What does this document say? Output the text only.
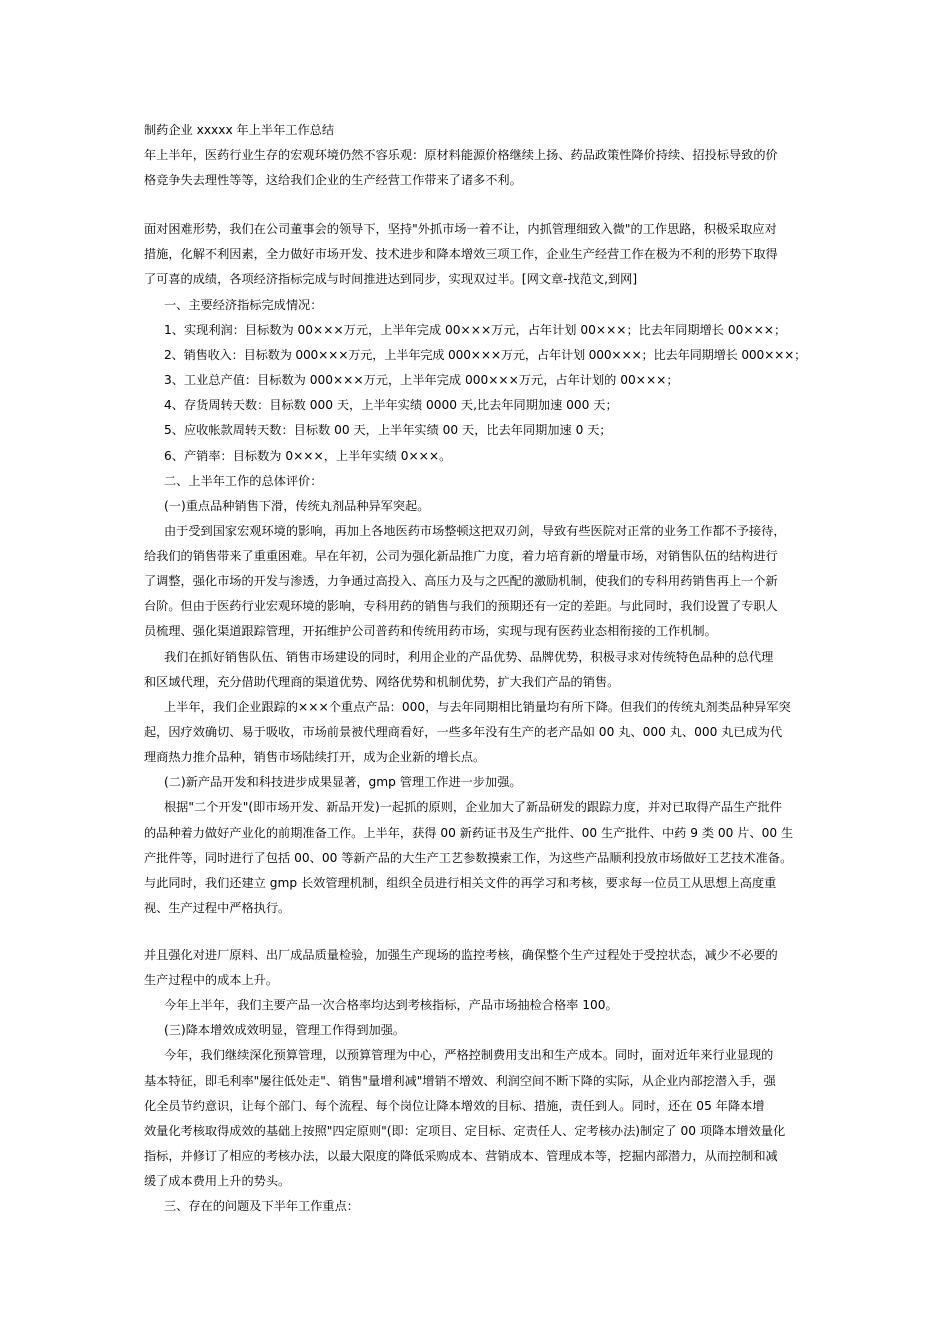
制药企业 xxxxx 年上半年工作总结
年上半年，医药行业生存的宏观环境仍然不容乐观：原材料能源价格继续上扬、药品政策性降价持续、招投标导致的价
格竞争失去理性等等，这给我们企业的生产经营工作带来了诸多不利。
面对困难形势，我们在公司董事会的领导下，坚持"外抓市场一着不让，内抓管理细致入微"的工作思路，积极采取应对
措施，化解不利因素，全力做好市场开发、技术进步和降本增效三项工作，企业生产经营工作在极为不利的形势下取得
了可喜的成绩，各项经济指标完成与时间推进达到同步，实现双过半。[网文章-找范文,到网]
一、主要经济指标完成情况：
1、实现利润：目标数为 00×××万元，上半年完成 00×××万元，占年计划 00×××；比去年同期增长 00×××；
2、销售收入：目标数为 000×××万元，上半年完成 000×××万元，占年计划 000×××；比去年同期增长 000×××；
3、工业总产值：目标数为 000×××万元，上半年完成 000×××万元，占年计划的 00×××；
4、存货周转天数：目标数 000 天，上半年实绩 0000 天,比去年同期加速 000 天；
5、应收帐款周转天数：目标数 00 天，上半年实绩 00 天，比去年同期加速 0 天；
6、产销率：目标数为 0×××，上半年实绩 0×××。
二、上半年工作的总体评价：
(一)重点品种销售下滑，传统丸剂品种异军突起。
由于受到国家宏观环境的影响，再加上各地医药市场整顿这把双刃剑，导致有些医院对正常的业务工作都不予接待，
给我们的销售带来了重重困难。早在年初，公司为强化新品推广力度，着力培育新的增量市场，对销售队伍的结构进行
了调整，强化市场的开发与渗透，力争通过高投入、高压力及与之匹配的激励机制，使我们的专科用药销售再上一个新
台阶。但由于医药行业宏观环境的影响，专科用药的销售与我们的预期还有一定的差距。与此同时，我们设置了专职人
员梳理、强化渠道跟踪管理，开拓维护公司普药和传统用药市场，实现与现有医药业态相衔接的工作机制。
我们在抓好销售队伍、销售市场建设的同时，利用企业的产品优势、品牌优势，积极寻求对传统特色品种的总代理
和区域代理，充分借助代理商的渠道优势、网络优势和机制优势，扩大我们产品的销售。
上半年，我们企业跟踪的×××个重点产品：000，与去年同期相比销量均有所下降。但我们的传统丸剂类品种异军突
起，因疗效确切、易于吸收，市场前景被代理商看好，一些多年没有生产的老产品如 00 丸、000 丸、000 丸已成为代
理商热力推介品种，销售市场陆续打开，成为企业新的增长点。
(二)新产品开发和科技进步成果显著，gmp 管理工作进一步加强。
根据"二个开发"(即市场开发、新品开发)一起抓的原则，企业加大了新品研发的跟踪力度，并对已取得产品生产批件
的品种着力做好产业化的前期准备工作。上半年，获得 00 新药证书及生产批件、00 生产批件、中药 9 类 00 片、00 生
产批件等，同时进行了包括 00、00 等新产品的大生产工艺参数摸索工作，为这些产品顺利投放市场做好工艺技术准备。
与此同时，我们还建立 gmp 长效管理机制，组织全员进行相关文件的再学习和考核，要求每一位员工从思想上高度重
视、生产过程中严格执行。
并且强化对进厂原料、出厂成品质量检验，加强生产现场的监控考核，确保整个生产过程处于受控状态，减少不必要的
生产过程中的成本上升。
今年上半年，我们主要产品一次合格率均达到考核指标，产品市场抽检合格率 100。
(三)降本增效成效明显，管理工作得到加强。
今年，我们继续深化预算管理，以预算管理为中心，严格控制费用支出和生产成本。同时，面对近年来行业显现的
基本特征，即毛利率"屡往低处走"、销售"量增利减"增销不增效、利润空间不断下降的实际，从企业内部挖潜入手，强
化全员节约意识，让每个部门、每个流程、每个岗位让降本增效的目标、措施，责任到人。同时，还在 05 年降本增
效量化考核取得成效的基础上按照"四定原则"(即：定项目、定目标、定责任人、定考核办法)制定了 00 项降本增效量化
指标，并修订了相应的考核办法，以最大限度的降低采购成本、营销成本、管理成本等，挖掘内部潜力，从而控制和减
缓了成本费用上升的势头。
三、存在的问题及下半年工作重点：
